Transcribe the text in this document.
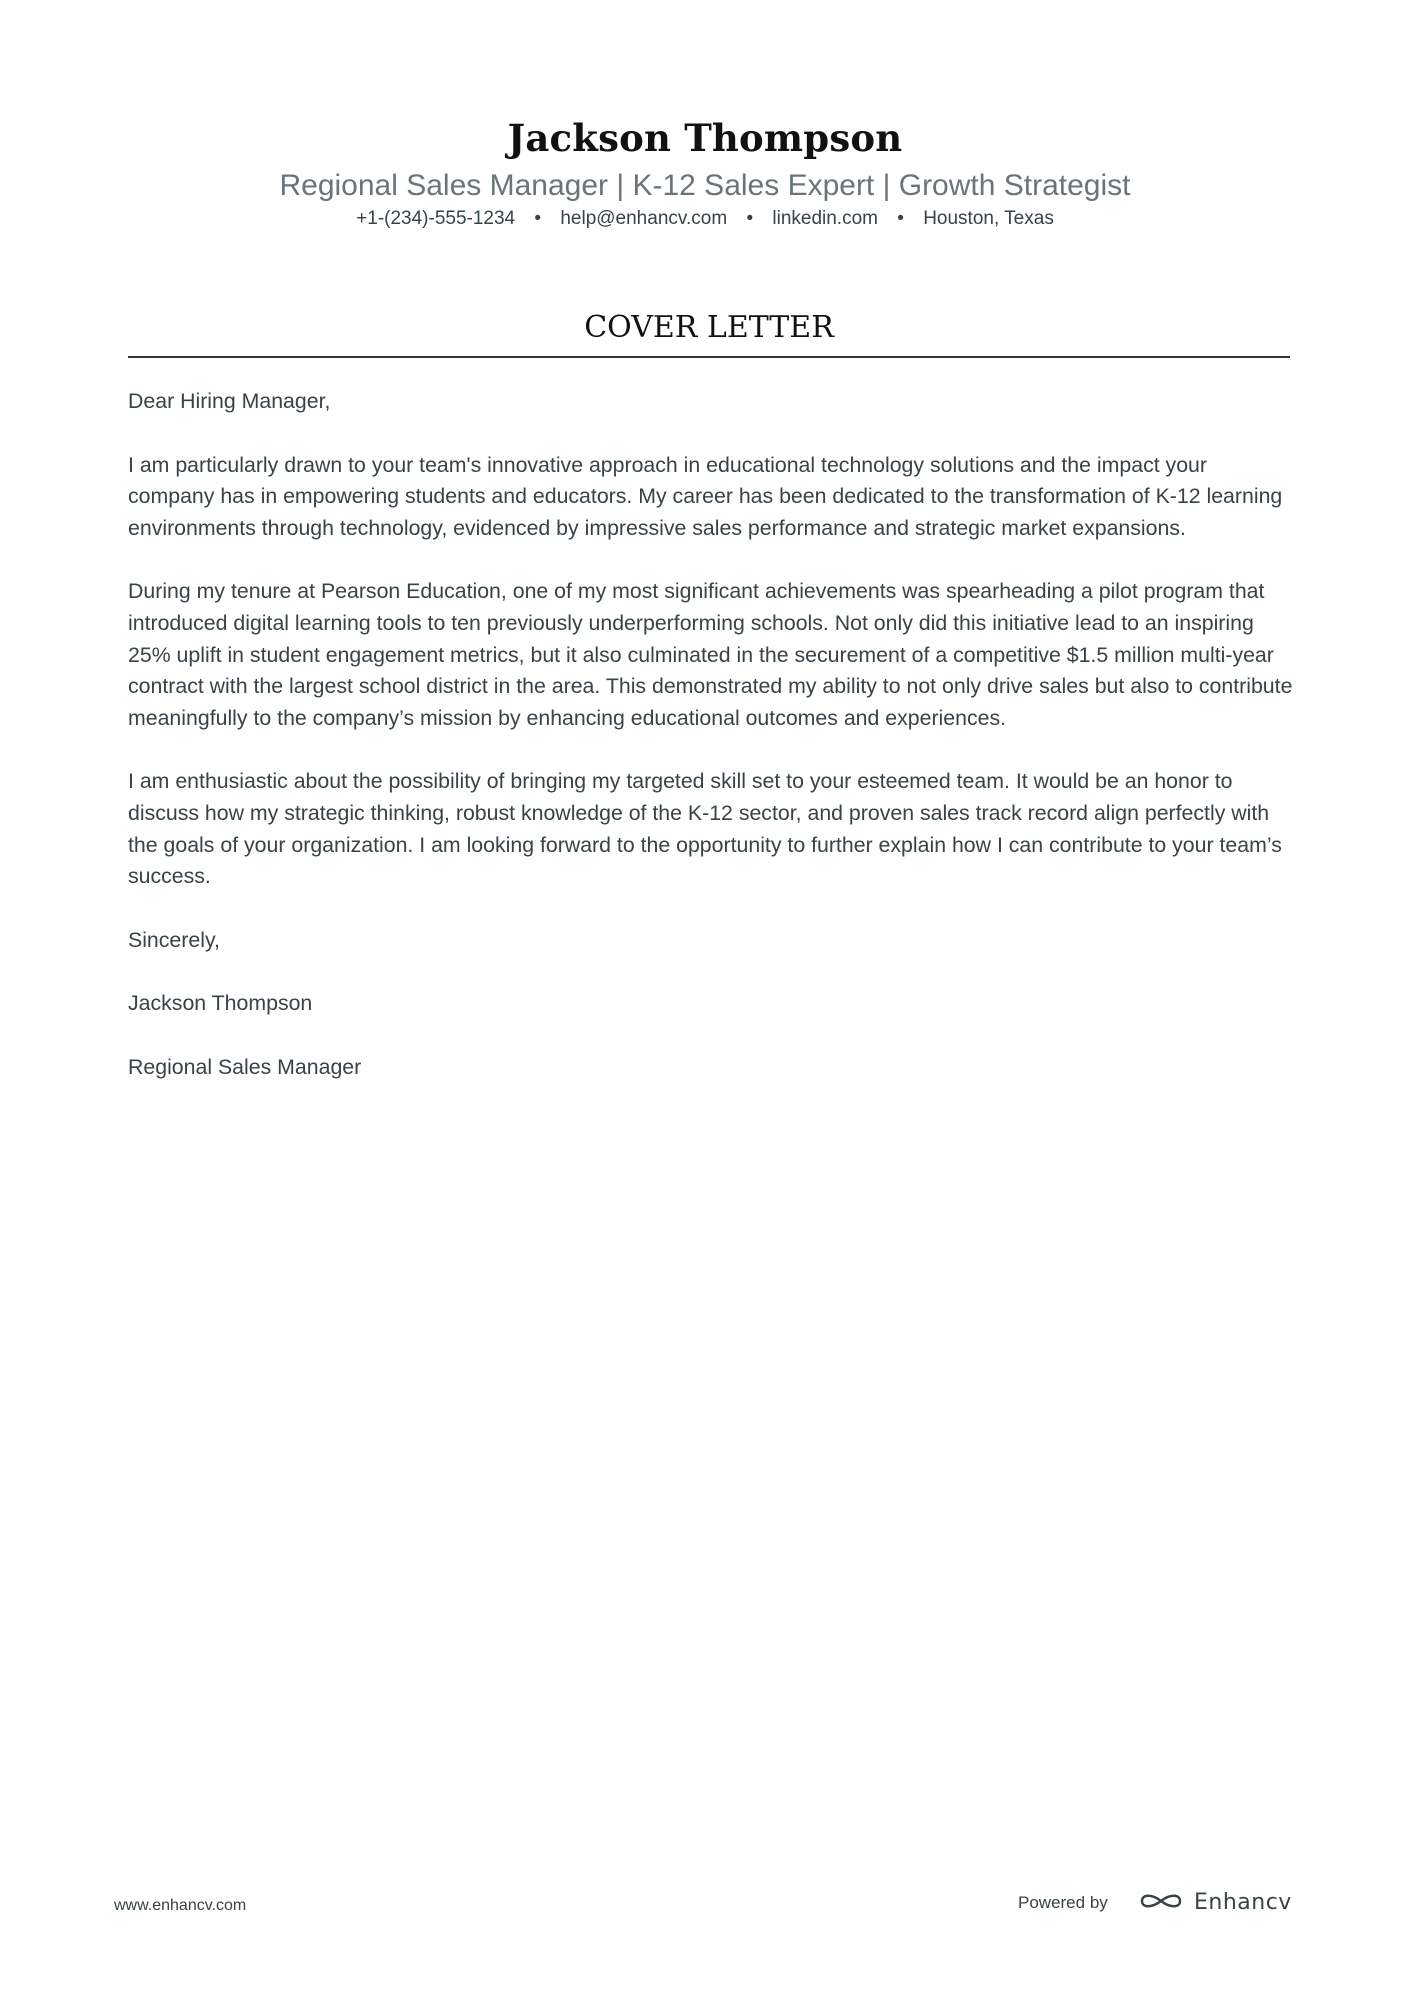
Jackson Thompson
Regional Sales Manager | K-12 Sales Expert | Growth Strategist
+1-(234)-555-1234 • help@enhancv.com • linkedin.com • Houston, Texas
COVER LETTER

Dear Hiring Manager,

I am particularly drawn to your team's innovative approach in educational technology solutions and the impact your company has in empowering students and educators. My career has been dedicated to the transformation of K-12 learning environments through technology, evidenced by impressive sales performance and strategic market expansions.

During my tenure at Pearson Education, one of my most significant achievements was spearheading a pilot program that introduced digital learning tools to ten previously underperforming schools. Not only did this initiative lead to an inspiring 25% uplift in student engagement metrics, but it also culminated in the securement of a competitive $1.5 million multi-year contract with the largest school district in the area. This demonstrated my ability to not only drive sales but also to contribute meaningfully to the company’s mission by enhancing educational outcomes and experiences.

I am enthusiastic about the possibility of bringing my targeted skill set to your esteemed team. It would be an honor to discuss how my strategic thinking, robust knowledge of the K-12 sector, and proven sales track record align perfectly with the goals of your organization. I am looking forward to the opportunity to further explain how I can contribute to your team’s success.

Sincerely,

Jackson Thompson

Regional Sales Manager

www.enhancv.com	Powered by	Enhancv
